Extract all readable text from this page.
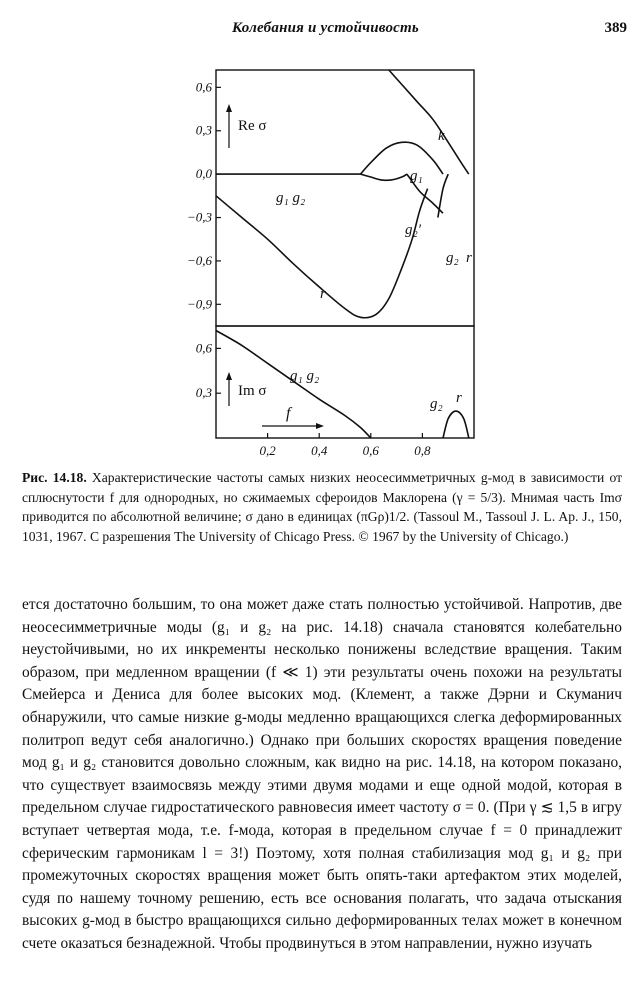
Колебания и устойчивость	389
0,6
0,3
0,0
−0,3
−0,6
−0,9
k
g₁
g₁ g₂
g₂′
g₂
r
r
Re σ
0,6
0,3
0,2	0,4	0,6	0,8
g₁ g₂
g₂ r
Im σ
f
Рис. 14.18. Характеристические частоты самых низких неосесимметричных g-мод в зависимости от сплюснутости f для однородных, но сжимаемых сфероидов Маклорена (γ = 5/3). Мнимая часть Imσ приводится по абсолютной величине; σ дано в единицах (πGρ)1/2. (Tassoul M., Tassoul J. L. Ap. J., 150, 1031, 1967. С разрешения The University of Chicago Press. © 1967 by the University of Chicago.)

ется достаточно большим, то она может даже стать полностью устойчивой. Напротив, две неосесимметричные моды (g₁ и g₂ на рис. 14.18) сначала становятся колебательно неустойчивыми, но их инкременты несколько понижены вследствие вращения. Таким образом, при медленном вращении (f ≪ 1) эти результаты очень похожи на результаты Смейерса и Дениса для более высоких мод. (Клемент, а также Дэрни и Скуманич обнаружили, что самые низкие g-моды медленно вращающихся слегка деформированных политроп ведут себя аналогично.) Однако при больших скоростях вращения поведение мод g₁ и g₂ становится довольно сложным, как видно на рис. 14.18, на котором показано, что существует взаимосвязь между этими двумя модами и еще одной модой, которая в предельном случае гидростатического равновесия имеет частоту σ = 0. (При γ ≲ 1,5 в игру вступает четвертая мода, т.е. f-мода, которая в предельном случае f = 0 принадлежит сферическим гармоникам l = 3!) Поэтому, хотя полная стабилизация мод g₁ и g₂ при промежуточных скоростях вращения может быть опять-таки артефактом этих моделей, судя по нашему точному решению, есть все основания полагать, что задача отыскания высоких g-мод в быстро вращающихся сильно деформированных телах может в конечном счете оказаться безнадежной. Чтобы продвинуться в этом направлении, нужно изучать
